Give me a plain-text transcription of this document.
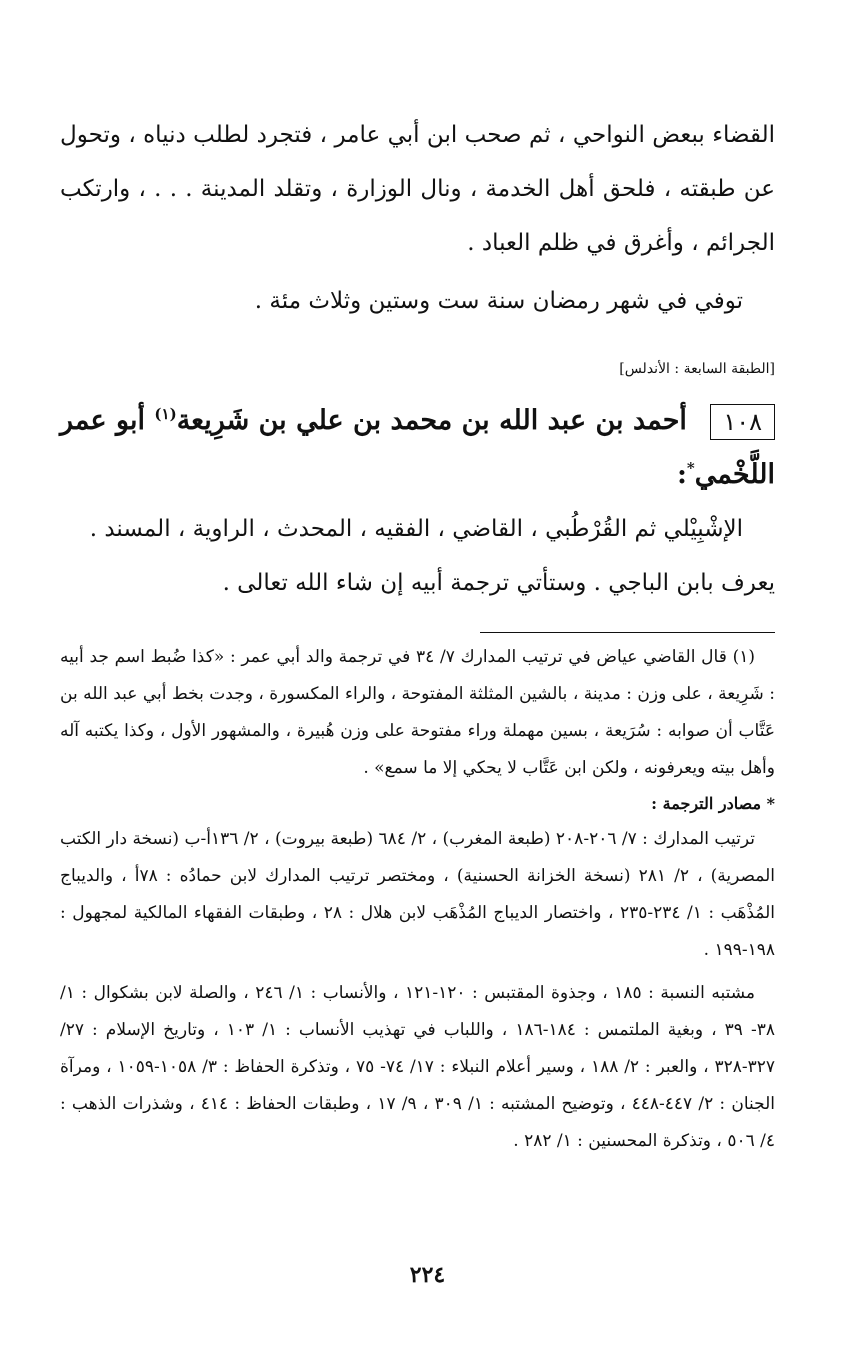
القضاء ببعض النواحي ، ثم صحب ابن أبي عامر ، فتجرد لطلب دنياه ، وتحول عن طبقته ، فلحق أهل الخدمة ، ونال الوزارة ، وتقلد المدينة . . . ، وارتكب الجرائم ، وأغرق في ظلم العباد .

توفي في شهر رمضان سنة ست وستين وثلاث مئة .

[الطبقة السابعة : الأندلس]

١٠٨ أحمد بن عبد الله بن محمد بن علي بن شَرِيعة$^{(١)}$ أبو عمر اللَّخْمي*:

الإشْبِيْلي ثم القُرْطُبي ، القاضي ، الفقيه ، المحدث ، الراوية ، المسند .

يعرف بابن الباجي . وستأتي ترجمة أبيه إن شاء الله تعالى .

(١) قال القاضي عياض في ترتيب المدارك ٧/ ٣٤ في ترجمة والد أبي عمر : «كذا ضُبط اسم جد أبيه : شَرِيعة ، على وزن : مدينة ، بالشين المثلثة المفتوحة ، والراء المكسورة ، وجدت بخط أبي عبد الله بن عَتَّاب أن صوابه : سُرَيعة ، بسين مهملة وراء مفتوحة على وزن هُبيرة ، والمشهور الأول ، وكذا يكتبه آله وأهل بيته ويعرفونه ، ولكن ابن عَتَّاب لا يحكي إلا ما سمع» .

* مصادر الترجمة :

ترتيب المدارك : ٧/ ٢٠٦-٢٠٨ (طبعة المغرب) ، ٢/ ٦٨٤ (طبعة بيروت) ، ٢/ ١٣٦أ-ب (نسخة دار الكتب المصرية) ، ٢/ ٢٨١ (نسخة الخزانة الحسنية) ، ومختصر ترتيب المدارك لابن حمادُه : ٧٨أ ، والديباج المُذْهَب : ١/ ٢٣٤-٢٣٥ ، واختصار الديباج المُذْهَب لابن هلال : ٢٨ ، وطبقات الفقهاء المالكية لمجهول : ١٩٨-١٩٩ .

مشتبه النسبة : ١٨٥ ، وجذوة المقتبس : ١٢٠-١٢١ ، والأنساب : ١/ ٢٤٦ ، والصلة لابن بشكوال : ١/ ٣٨- ٣٩ ، وبغية الملتمس : ١٨٤-١٨٦ ، واللباب في تهذيب الأنساب : ١/ ١٠٣ ، وتاريخ الإسلام : ٢٧/ ٣٢٧-٣٢٨ ، والعبر : ٢/ ١٨٨ ، وسير أعلام النبلاء : ١٧/ ٧٤- ٧٥ ، وتذكرة الحفاظ : ٣/ ١٠٥٨-١٠٥٩ ، ومرآة الجنان : ٢/ ٤٤٧-٤٤٨ ، وتوضيح المشتبه : ١/ ٣٠٩ ، ٩/ ١٧ ، وطبقات الحفاظ : ٤١٤ ، وشذرات الذهب : ٤/ ٥٠٦ ، وتذكرة المحسنين : ١/ ٢٨٢ .

٢٢٤
